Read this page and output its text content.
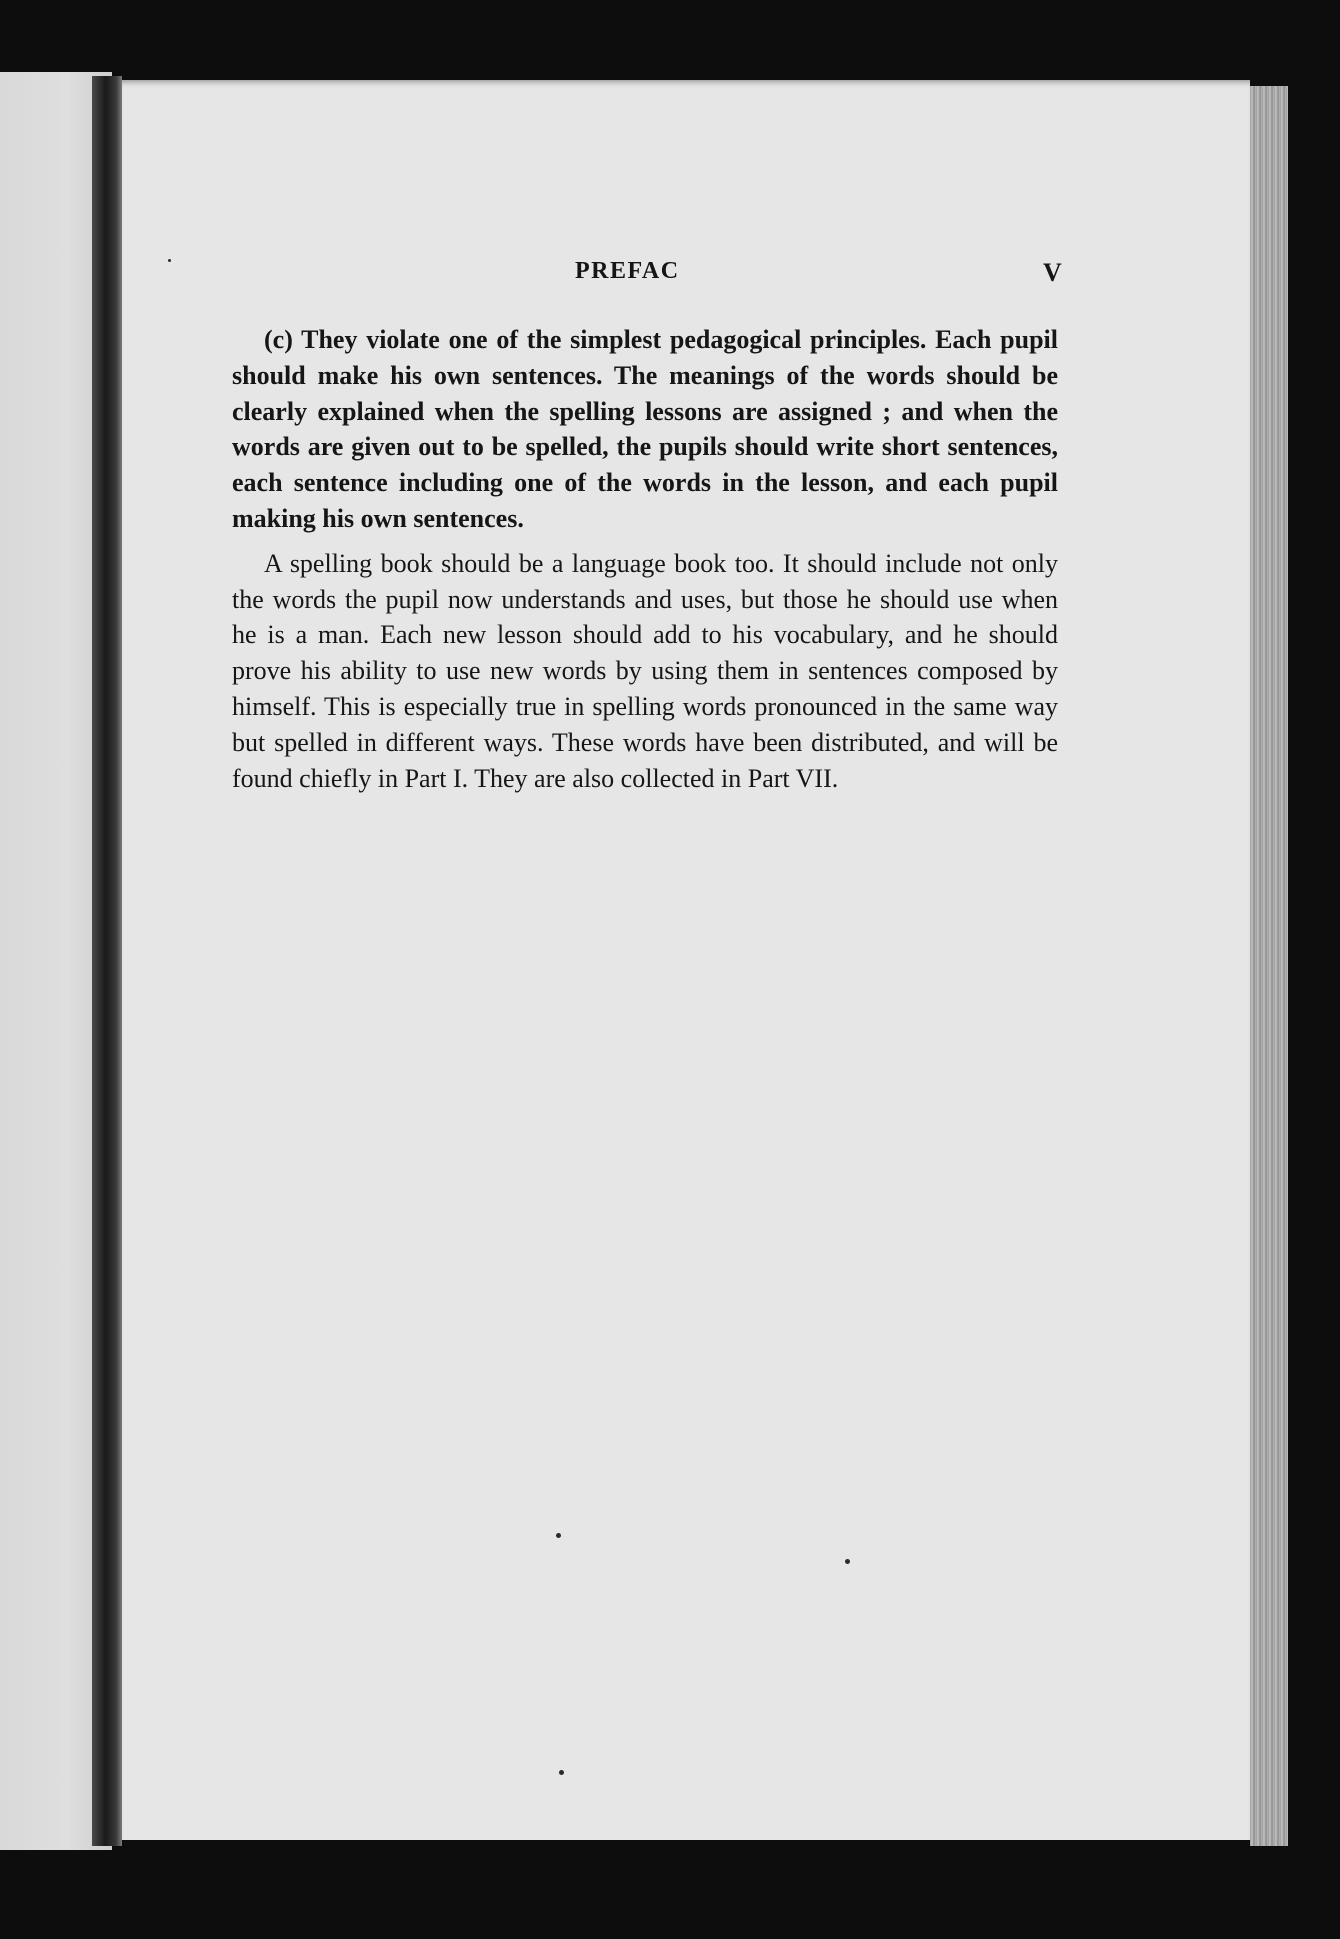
PREFAC	V

(c) They violate one of the simplest pedagogical principles. Each pupil should make his own sentences. The meanings of the words should be clearly explained when the spelling lessons are assigned ; and when the words are given out to be spelled, the pupils should write short sentences, each sentence including one of the words in the lesson, and each pupil making his own sentences.

A spelling book should be a language book too. It should include not only the words the pupil now understands and uses, but those he should use when he is a man. Each new lesson should add to his vocabulary, and he should prove his ability to use new words by using them in sentences composed by himself. This is especially true in spelling words pronounced in the same way but spelled in different ways. These words have been distributed, and will be found chiefly in Part I. They are also collected in Part VII.
